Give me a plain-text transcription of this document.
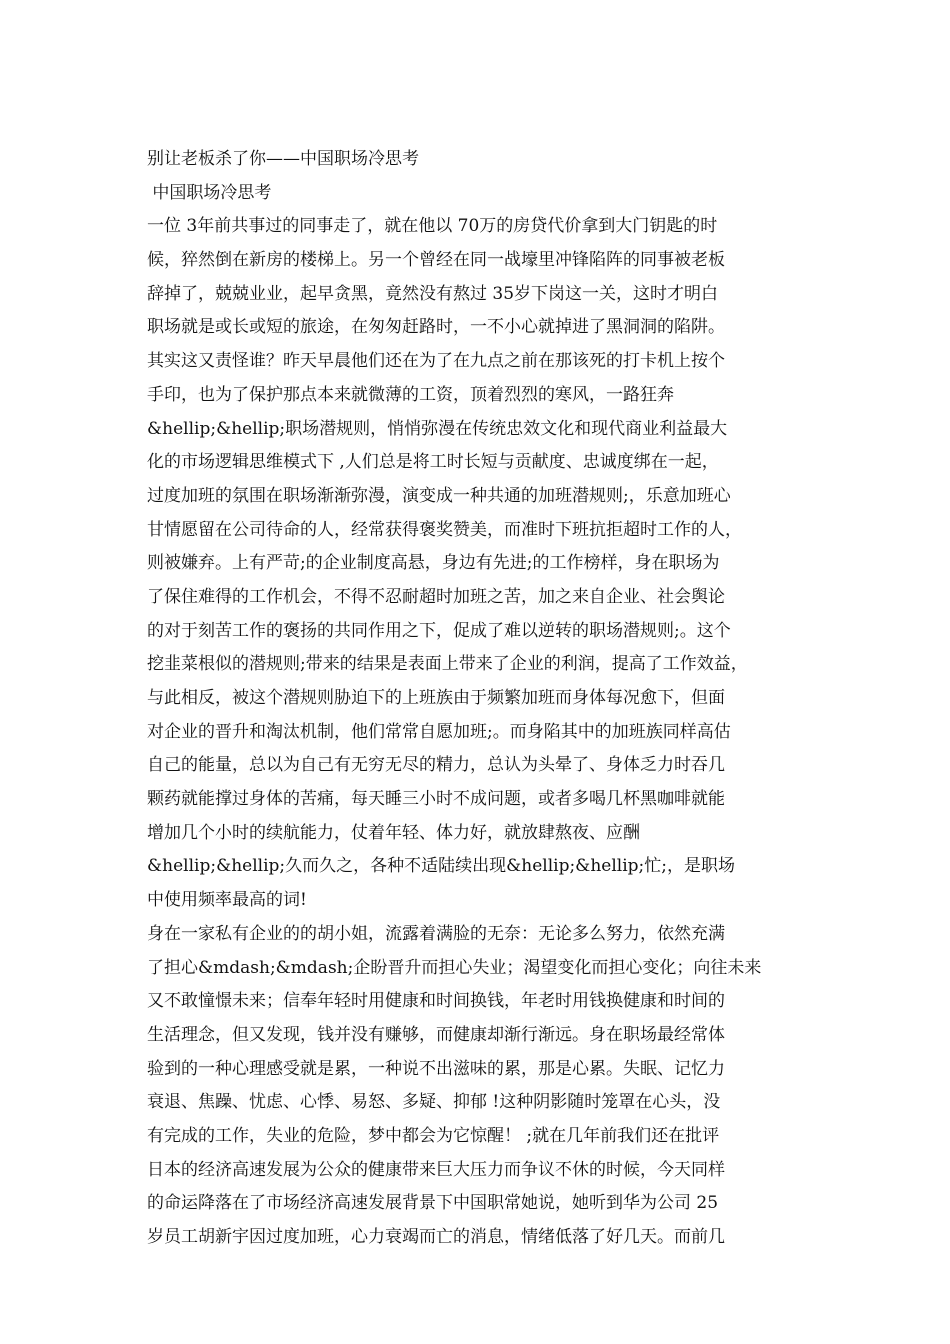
别让老板杀了你——中国职场冷思考
中国职场冷思考
一位 3年前共事过的同事走了，就在他以 70万的房贷代价拿到大门钥匙的时
候，猝然倒在新房的楼梯上。另一个曾经在同一战壕里冲锋陷阵的同事被老板
辞掉了，兢兢业业，起早贪黑，竟然没有熬过 35岁下岗这一关，这时才明白
职场就是或长或短的旅途，在匆匆赶路时，一不小心就掉进了黑洞洞的陷阱。
其实这又责怪谁？昨天早晨他们还在为了在九点之前在那该死的打卡机上按个
手印，也为了保护那点本来就微薄的工资，顶着烈烈的寒风，一路狂奔
&hellip;&hellip;职场潜规则，悄悄弥漫在传统忠效文化和现代商业利益最大
化的市场逻辑思维模式下 ,人们总是将工时长短与贡献度、忠诚度绑在一起，
过度加班的氛围在职场渐渐弥漫，演变成一种共通的加班潜规则;，乐意加班心
甘情愿留在公司待命的人，经常获得褒奖赞美，而准时下班抗拒超时工作的人，
则被嫌弃。上有严苛;的企业制度高悬，身边有先进;的工作榜样，身在职场为
了保住难得的工作机会，不得不忍耐超时加班之苦，加之来自企业、社会舆论
的对于刻苦工作的褒扬的共同作用之下，促成了难以逆转的职场潜规则;。这个
挖韭菜根似的潜规则;带来的结果是表面上带来了企业的利润，提高了工作效益，
与此相反，被这个潜规则胁迫下的上班族由于频繁加班而身体每况愈下，但面
对企业的晋升和淘汰机制，他们常常自愿加班;。而身陷其中的加班族同样高估
自己的能量，总以为自己有无穷无尽的精力，总认为头晕了、身体乏力时吞几
颗药就能撑过身体的苦痛，每天睡三小时不成问题，或者多喝几杯黑咖啡就能
增加几个小时的续航能力，仗着年轻、体力好，就放肆熬夜、应酬
&hellip;&hellip;久而久之，各种不适陆续出现&hellip;&hellip;忙;，是职场
中使用频率最高的词!
身在一家私有企业的的胡小姐，流露着满脸的无奈：无论多么努力，依然充满
了担心&mdash;&mdash;企盼晋升而担心失业；渴望变化而担心变化；向往未来
又不敢憧憬未来；信奉年轻时用健康和时间换钱，年老时用钱换健康和时间的
生活理念，但又发现，钱并没有赚够，而健康却渐行渐远。身在职场最经常体
验到的一种心理感受就是累，一种说不出滋味的累，那是心累。失眠、记忆力
衰退、焦躁、忧虑、心悸、易怒、多疑、抑郁 !这种阴影随时笼罩在心头，没
有完成的工作，失业的危险，梦中都会为它惊醒！ ;就在几年前我们还在批评
日本的经济高速发展为公众的健康带来巨大压力而争议不休的时候，今天同样
的命运降落在了市场经济高速发展背景下中国职常她说，她听到华为公司 25
岁员工胡新宇因过度加班，心力衰竭而亡的消息，情绪低落了好几天。而前几
